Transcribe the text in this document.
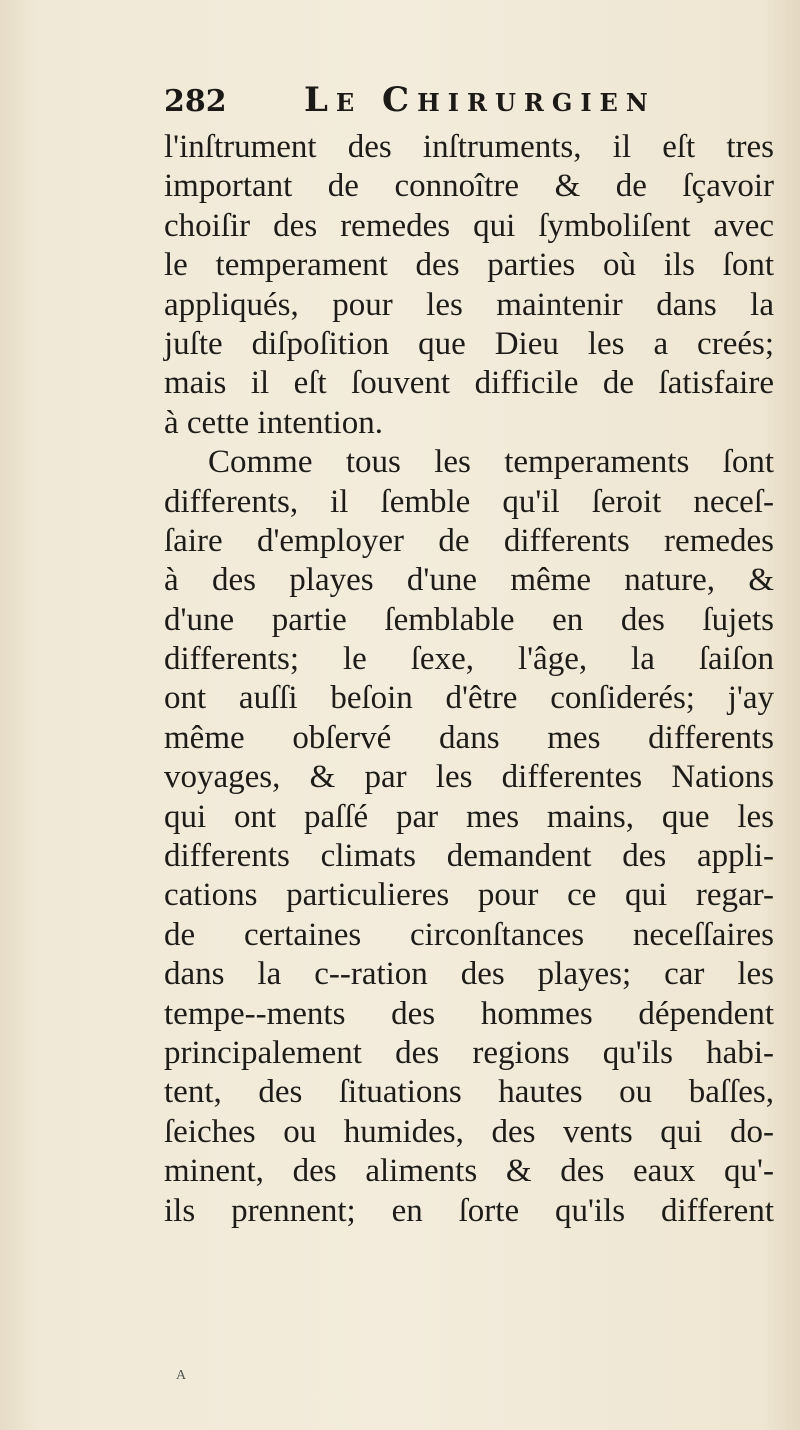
282 Le Chirurgien
l'inſtrument des inſtruments, il eſt tres
important de connoître & de ſçavoir
choiſir des remedes qui ſymboliſent avec
le temperament des parties où ils ſont
appliqués, pour les maintenir dans la
juſte diſpoſition que Dieu les a creés;
mais il eſt ſouvent difficile de ſatisfaire
à cette intention.
Comme tous les temperaments ſont
differents, il ſemble qu'il ſeroit neceſ-
ſaire d'employer de differents remedes
à des playes d'une même nature, &
d'une partie ſemblable en des ſujets
differents; le ſexe, l'âge, la ſaiſon
ont auſſi beſoin d'être conſiderés; j'ay
même obſervé dans mes differents
voyages, & par les differentes Nations
qui ont paſſé par mes mains, que les
differents climats demandent des appli-
cations particulieres pour ce qui regar-
de certaines circonſtances neceſſaires
dans la c--ration des playes; car les
tempe--ments des hommes dépendent
principalement des regions qu'ils habi-
tent, des ſituations hautes ou baſſes,
ſeiches ou humides, des vents qui do-
minent, des aliments & des eaux qu'-
ils prennent; en ſorte qu'ils different
A
